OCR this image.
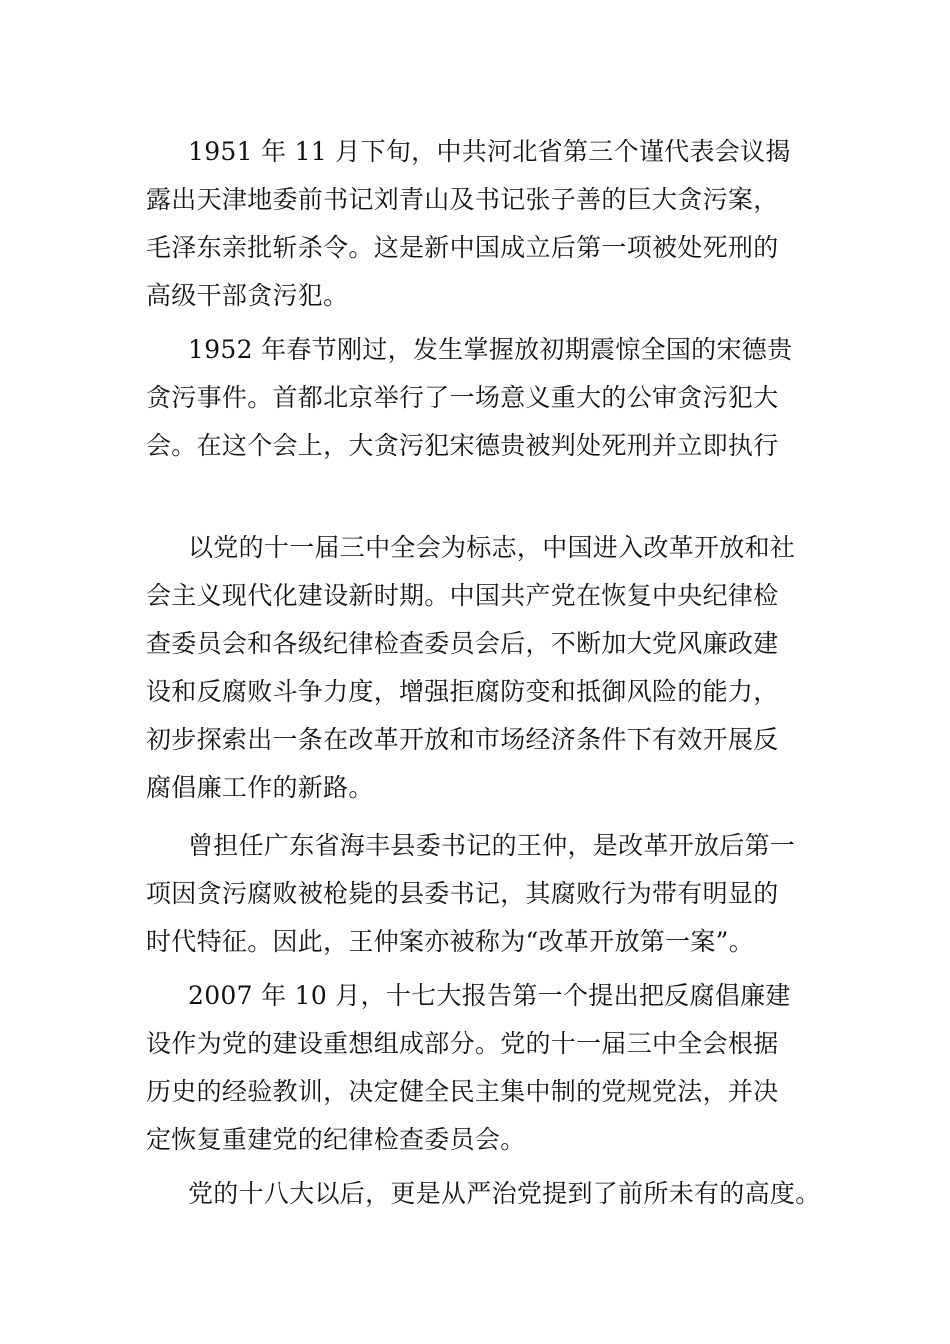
1951 年 11 月下旬，中共河北省第三个谨代表会议揭
露出天津地委前书记刘青山及书记张子善的巨大贪污案，
毛泽东亲批斩杀令。这是新中国成立后第一项被处死刑的
高级干部贪污犯。
1952 年春节刚过，发生掌握放初期震惊全国的宋德贵
贪污事件。首都北京举行了一场意义重大的公审贪污犯大
会。在这个会上，大贪污犯宋德贵被判处死刑并立即执行
以党的十一届三中全会为标志，中国进入改革开放和社
会主义现代化建设新时期。中国共产党在恢复中央纪律检
查委员会和各级纪律检查委员会后，不断加大党风廉政建
设和反腐败斗争力度，增强拒腐防变和抵御风险的能力，
初步探索出一条在改革开放和市场经济条件下有效开展反
腐倡廉工作的新路。
曾担任广东省海丰县委书记的王仲，是改革开放后第一
项因贪污腐败被枪毙的县委书记，其腐败行为带有明显的
时代特征。因此，王仲案亦被称为“改革开放第一案”。
2007 年 10 月，十七大报告第一个提出把反腐倡廉建
设作为党的建设重想组成部分。党的十一届三中全会根据
历史的经验教训，决定健全民主集中制的党规党法，并决
定恢复重建党的纪律检查委员会。
党的十八大以后，更是从严治党提到了前所未有的高度。
